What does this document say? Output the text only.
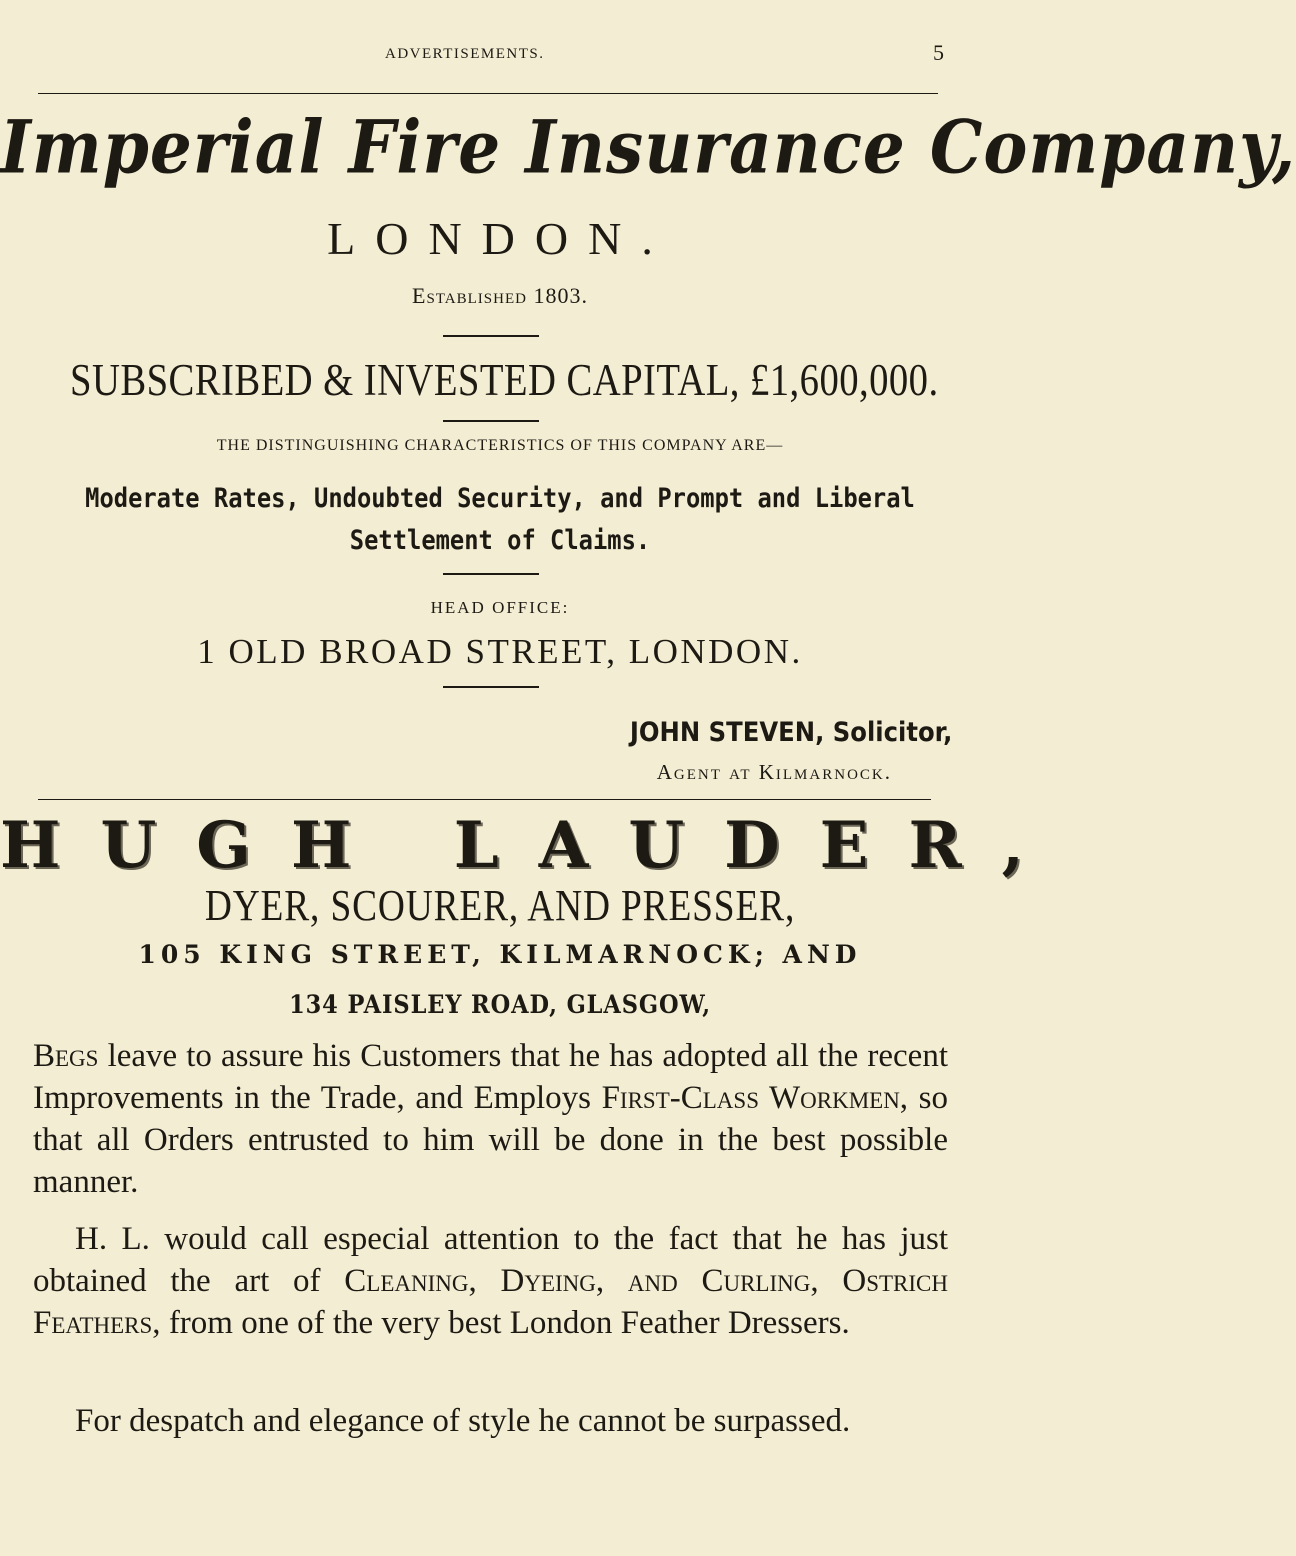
ADVERTISEMENTS.	5
Imperial Fire Insurance Company,
LONDON.
Established 1803.
SUBSCRIBED & INVESTED CAPITAL, £1,600,000.
THE DISTINGUISHING CHARACTERISTICS OF THIS COMPANY ARE—
Moderate Rates, Undoubted Security, and Prompt and Liberal
Settlement of Claims.
HEAD OFFICE:
1 OLD BROAD STREET, LONDON.
JOHN STEVEN, Solicitor,
Agent at Kilmarnock.
HUGH LAUDER,
DYER, SCOURER, AND PRESSER,
105 KING STREET, KILMARNOCK; AND
134 PAISLEY ROAD, GLASGOW,

Begs leave to assure his Customers that he has adopted all the recent Improvements in the Trade, and Employs First-Class Workmen, so that all Orders entrusted to him will be done in the best possible manner.

H. L. would call especial attention to the fact that he has just obtained the art of Cleaning, Dyeing, and Curling, Ostrich Feathers, from one of the very best London Feather Dressers.

For despatch and elegance of style he cannot be surpassed.
